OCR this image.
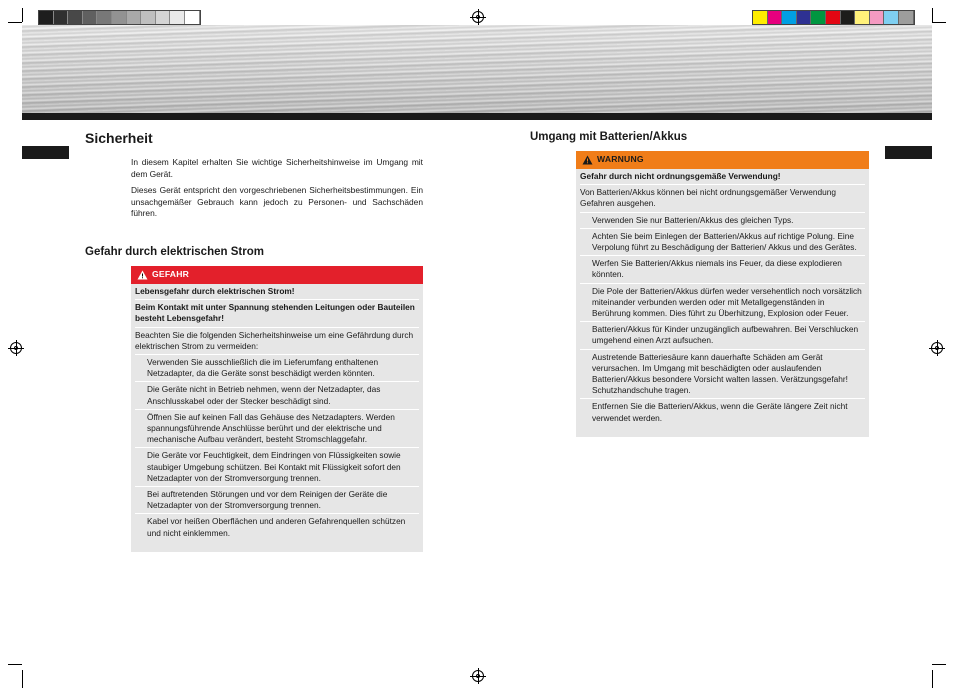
Sicherheit

In diesem Kapitel erhalten Sie wichtige Sicherheitshinweise im Umgang mit dem Gerät.

Dieses Gerät entspricht den vorgeschriebenen Sicherheitsbestimmungen. Ein unsachgemäßer Gebrauch kann jedoch zu Personen- und Sachschäden führen.

Gefahr durch elektrischen Strom
GEFAHR

Lebensgefahr durch elektrischen Strom!

Beim Kontakt mit unter Spannung stehenden Leitungen oder Bauteilen besteht Lebensgefahr!

Beachten Sie die folgenden Sicherheitshinweise um eine Gefährdung durch elektrischen Strom zu vermeiden:

Verwenden Sie ausschließlich die im Lieferumfang enthaltenen Netzadapter, da die Geräte sonst beschädigt werden könnten.
Die Geräte nicht in Betrieb nehmen, wenn der Netzadapter, das Anschlusskabel oder der Stecker beschädigt sind.
Öffnen Sie auf keinen Fall das Gehäuse des Netzadapters. Werden spannungsführende Anschlüsse berührt und der elektrische und mechanische Aufbau verändert, besteht Stromschlaggefahr.
Die Geräte vor Feuchtigkeit, dem Eindringen von Flüssigkeiten sowie staubiger Umgebung schützen. Bei Kontakt mit Flüssigkeit sofort den Netzadapter von der Stromversorgung trennen.
Bei auftretenden Störungen und vor dem Reinigen der Geräte die Netzadapter von der Stromversorgung trennen.
Kabel vor heißen Oberflächen und anderen Gefahrenquellen schützen und nicht einklemmen.
Umgang mit Batterien/Akkus
WARNUNG

Gefahr durch nicht ordnungsgemäße Verwendung!

Von Batterien/Akkus können bei nicht ordnungsgemäßer Verwendung Gefahren ausgehen.

Verwenden Sie nur Batterien/Akkus des gleichen Typs.
Achten Sie beim Einlegen der Batterien/Akkus auf richtige Polung. Eine Verpolung führt zu Beschädigung der Batterien/ Akkus und des Gerätes.
Werfen Sie Batterien/Akkus niemals ins Feuer, da diese explodieren könnten.
Die Pole der Batterien/Akkus dürfen weder versehentlich noch vorsätzlich miteinander verbunden werden oder mit Metallgegenständen in Berührung kommen. Dies führt zu Überhitzung, Explosion oder Feuer.
Batterien/Akkus für Kinder unzugänglich aufbewahren. Bei Verschlucken umgehend einen Arzt aufsuchen.
Austretende Batteriesäure kann dauerhafte Schäden am Gerät verursachen. Im Umgang mit beschädigten oder auslaufenden Batterien/Akkus besondere Vorsicht walten lassen. Verätzungsgefahr! Schutzhandschuhe tragen.
Entfernen Sie die Batterien/Akkus, wenn die Geräte längere Zeit nicht verwendet werden.
